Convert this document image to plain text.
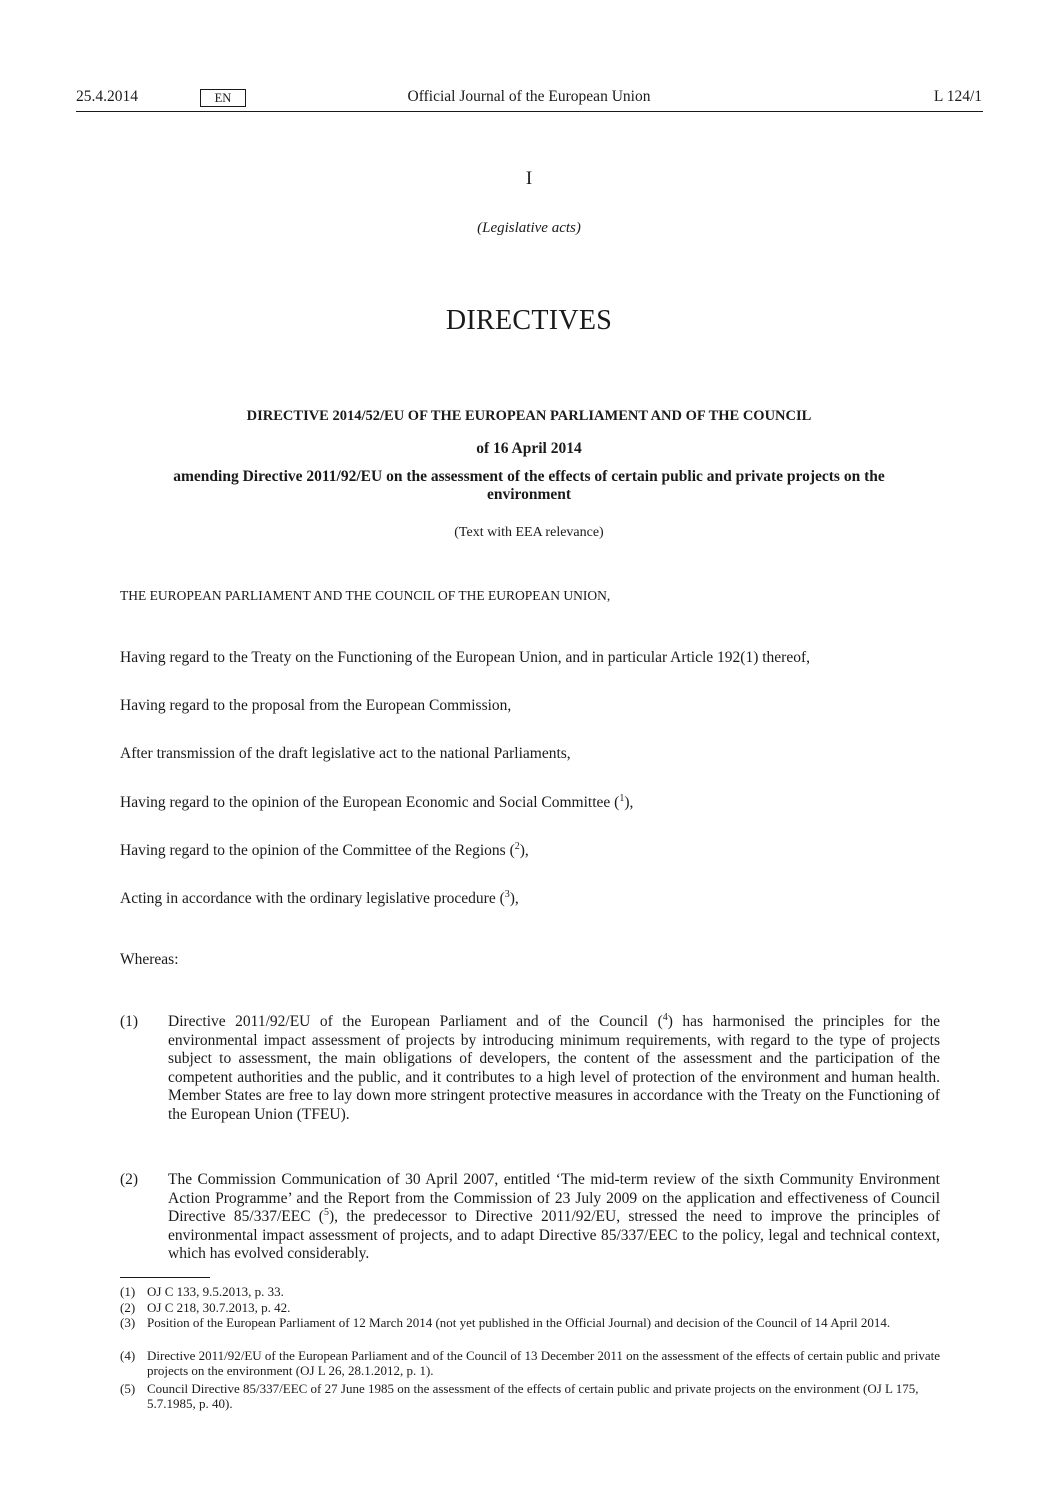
25.4.2014	EN	Official Journal of the European Union	L 124/1
I
(Legislative acts)
DIRECTIVES
DIRECTIVE 2014/52/EU OF THE EUROPEAN PARLIAMENT AND OF THE COUNCIL
of 16 April 2014
amending Directive 2011/92/EU on the assessment of the effects of certain public and private projects on the environment
(Text with EEA relevance)
THE EUROPEAN PARLIAMENT AND THE COUNCIL OF THE EUROPEAN UNION,
Having regard to the Treaty on the Functioning of the European Union, and in particular Article 192(1) thereof,
Having regard to the proposal from the European Commission,
After transmission of the draft legislative act to the national Parliaments,
Having regard to the opinion of the European Economic and Social Committee ($^1$),
Having regard to the opinion of the Committee of the Regions ($^2$),
Acting in accordance with the ordinary legislative procedure ($^3$),
Whereas:
(1)	Directive 2011/92/EU of the European Parliament and of the Council ($^4$) has harmonised the principles for the environmental impact assessment of projects by introducing minimum requirements, with regard to the type of projects subject to assessment, the main obligations of developers, the content of the assessment and the participation of the competent authorities and the public, and it contributes to a high level of protection of the environment and human health. Member States are free to lay down more stringent protective measures in accordance with the Treaty on the Functioning of the European Union (TFEU).
(2)	The Commission Communication of 30 April 2007, entitled ‘The mid-term review of the sixth Community Environment Action Programme’ and the Report from the Commission of 23 July 2009 on the application and effectiveness of Council Directive 85/337/EEC ($^5$), the predecessor to Directive 2011/92/EU, stressed the need to improve the principles of environmental impact assessment of projects, and to adapt Directive 85/337/EEC to the policy, legal and technical context, which has evolved considerably.
(1) OJ C 133, 9.5.2013, p. 33.
(2) OJ C 218, 30.7.2013, p. 42.
(3) Position of the European Parliament of 12 March 2014 (not yet published in the Official Journal) and decision of the Council of 14 April 2014.
(4) Directive 2011/92/EU of the European Parliament and of the Council of 13 December 2011 on the assessment of the effects of certain public and private projects on the environment (OJ L 26, 28.1.2012, p. 1).
(5) Council Directive 85/337/EEC of 27 June 1985 on the assessment of the effects of certain public and private projects on the environment (OJ L 175, 5.7.1985, p. 40).
